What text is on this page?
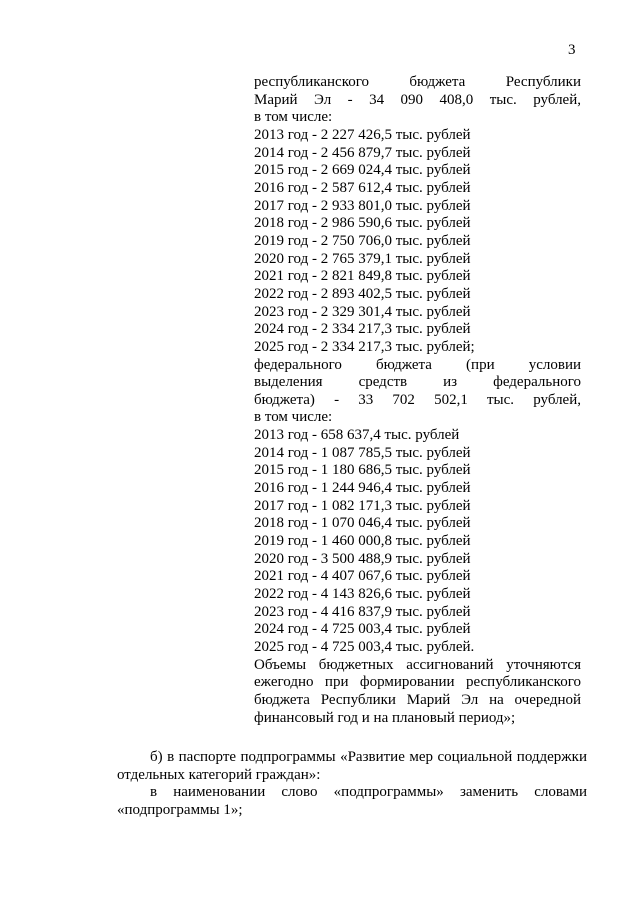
3

республиканского бюджета Республики

Марий Эл - 34 090 408,0 тыс. рублей,

в том числе:

2013 год - 2 227 426,5 тыс. рублей

2014 год - 2 456 879,7 тыс. рублей

2015 год - 2 669 024,4 тыс. рублей

2016 год - 2 587 612,4 тыс. рублей

2017 год - 2 933 801,0 тыс. рублей

2018 год - 2 986 590,6 тыс. рублей

2019 год - 2 750 706,0 тыс. рублей

2020 год - 2 765 379,1 тыс. рублей

2021 год - 2 821 849,8 тыс. рублей

2022 год - 2 893 402,5 тыс. рублей

2023 год - 2 329 301,4 тыс. рублей

2024 год - 2 334 217,3 тыс. рублей

2025 год - 2 334 217,3 тыс. рублей;

федерального бюджета (при условии

выделения средств из федерального

бюджета) - 33 702 502,1 тыс. рублей,

в том числе:

2013 год - 658 637,4 тыс. рублей

2014 год - 1 087 785,5 тыс. рублей

2015 год - 1 180 686,5 тыс. рублей

2016 год - 1 244 946,4 тыс. рублей

2017 год - 1 082 171,3 тыс. рублей

2018 год - 1 070 046,4 тыс. рублей

2019 год - 1 460 000,8 тыс. рублей

2020 год - 3 500 488,9 тыс. рублей

2021 год - 4 407 067,6 тыс. рублей

2022 год - 4 143 826,6 тыс. рублей

2023 год - 4 416 837,9 тыс. рублей

2024 год - 4 725 003,4 тыс. рублей

2025 год - 4 725 003,4 тыс. рублей.

Объемы бюджетных ассигнований уточняются ежегодно при формировании республиканского бюджета Республики Марий Эл на очередной финансовый год и на плановый период»;

б) в паспорте подпрограммы «Развитие мер социальной поддержки отдельных категорий граждан»:

в наименовании слово «подпрограммы» заменить словами «подпрограммы 1»;
